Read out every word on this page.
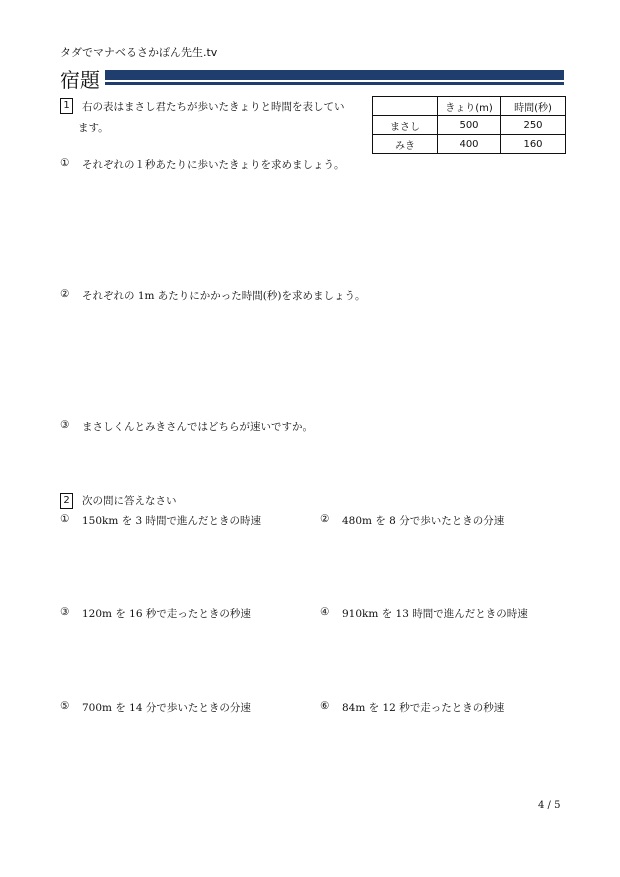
タダでマナベるさかぽん先生.tv
宿題
1	右の表はまさし君たちが歩いたきょりと時間を表してい
ます。
	きょり(m)	時間(秒)
まさし	500	250
みき	400	160
① それぞれの１秒あたりに歩いたきょりを求めましょう。
② それぞれの 1m あたりにかかった時間(秒)を求めましょう。
③ まさしくんとみきさんではどちらが速いですか。
2	次の問に答えなさい
① 150km を 3 時間で進んだときの時速	② 480m を 8 分で歩いたときの分速
③ 120m を 16 秒で走ったときの秒速	④ 910km を 13 時間で進んだときの時速
⑤ 700m を 14 分で歩いたときの分速	⑥ 84m を 12 秒で走ったときの秒速
4 / 5
